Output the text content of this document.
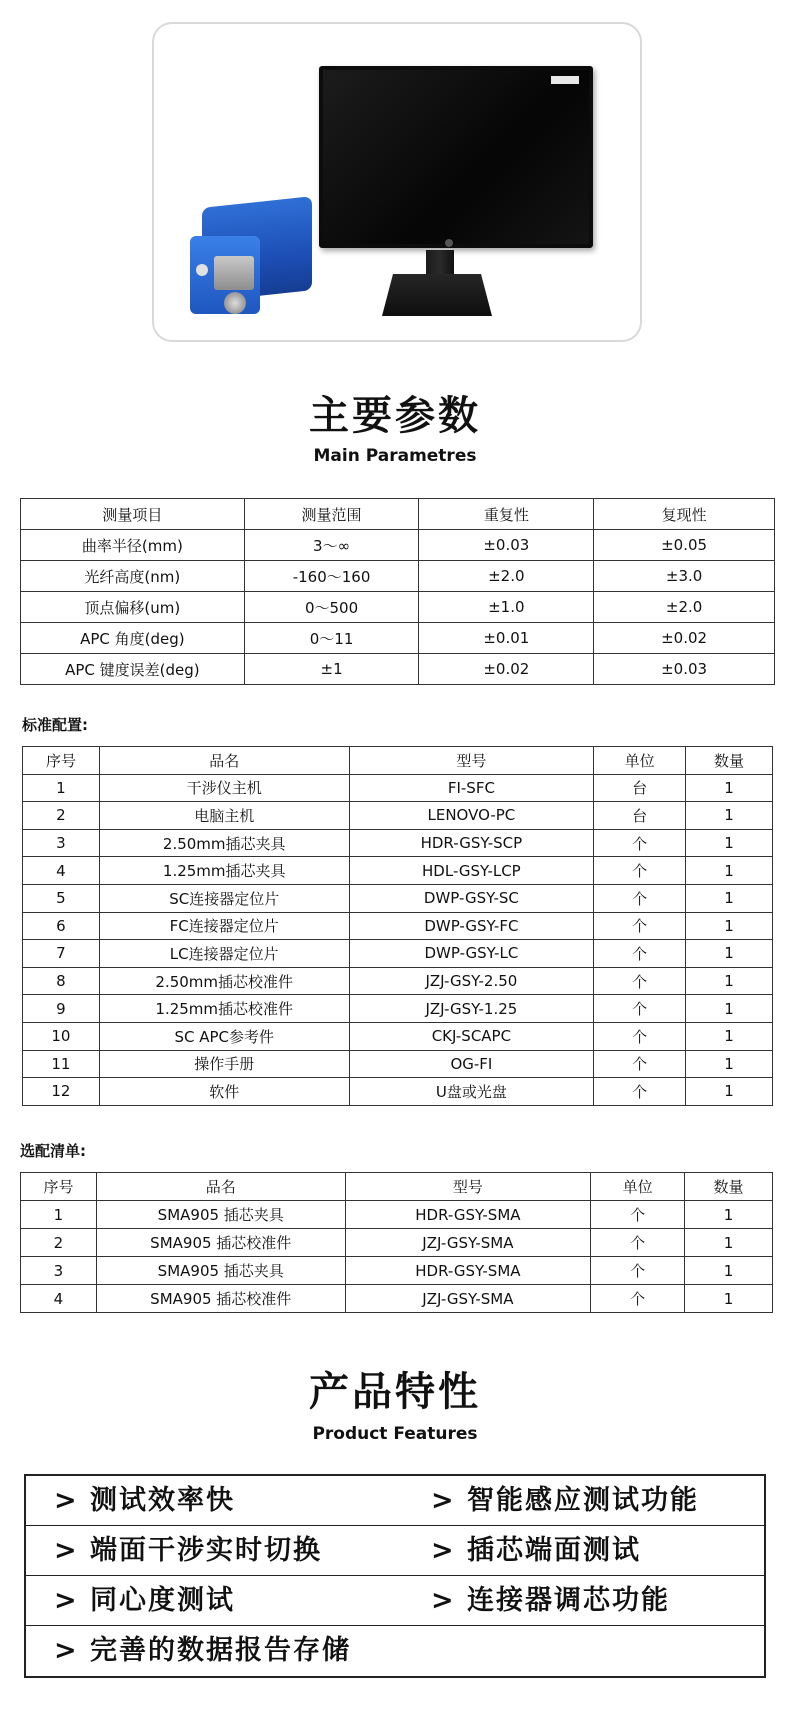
主要参数
Main Parametres
测量项目	测量范围	重复性	复现性
曲率半径(mm)	3～∞	±0.03	±0.05
光纤高度(nm)	-160～160	±2.0	±3.0
顶点偏移(um)	0～500	±1.0	±2.0
APC 角度(deg)	0～11	±0.01	±0.02
APC 键度误差(deg)	±1	±0.02	±0.03
标准配置:
序号	品名	型号	单位	数量
1	干涉仪主机	FI-SFC	台	1
2	电脑主机	LENOVO-PC	台	1
3	2.50mm插芯夹具	HDR-GSY-SCP	个	1
4	1.25mm插芯夹具	HDL-GSY-LCP	个	1
5	SC连接器定位片	DWP-GSY-SC	个	1
6	FC连接器定位片	DWP-GSY-FC	个	1
7	LC连接器定位片	DWP-GSY-LC	个	1
8	2.50mm插芯校准件	JZJ-GSY-2.50	个	1
9	1.25mm插芯校准件	JZJ-GSY-1.25	个	1
10	SC APC参考件	CKJ-SCAPC	个	1
11	操作手册	OG-FI	个	1
12	软件	U盘或光盘	个	1
选配清单:
序号	品名	型号	单位	数量
1	SMA905 插芯夹具	HDR-GSY-SMA	个	1
2	SMA905 插芯校准件	JZJ-GSY-SMA	个	1
3	SMA905 插芯夹具	HDR-GSY-SMA	个	1
4	SMA905 插芯校准件	JZJ-GSY-SMA	个	1
产品特性
Product Features
> 测试效率快	> 智能感应测试功能
> 端面干涉实时切换	> 插芯端面测试
> 同心度测试	> 连接器调芯功能
> 完善的数据报告存储
